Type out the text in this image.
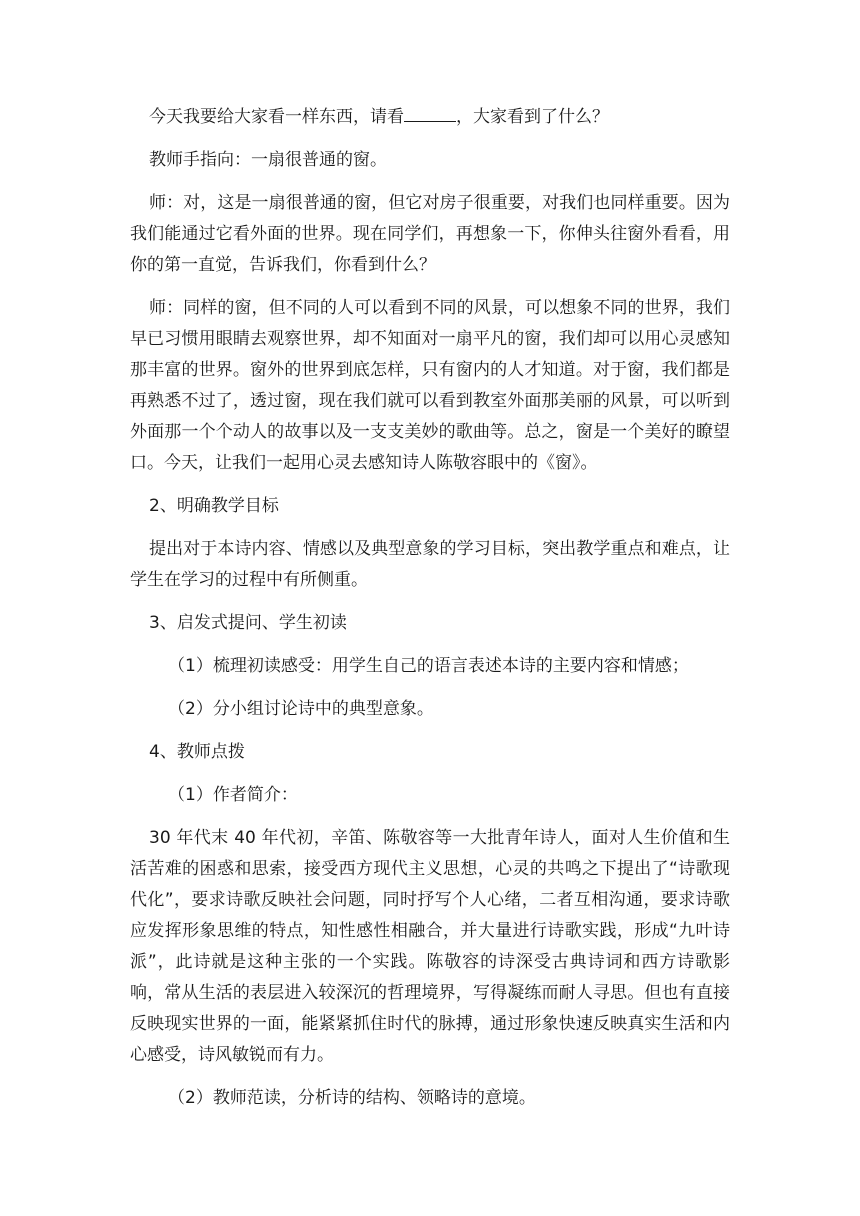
今天我要给大家看一样东西，请看	，大家看到了什么？

教师手指向：一扇很普通的窗。

师：对，这是一扇很普通的窗，但它对房子很重要，对我们也同样重要。因为我们能通过它看外面的世界。现在同学们，再想象一下，你伸头往窗外看看，用你的第一直觉，告诉我们，你看到什么？

师：同样的窗，但不同的人可以看到不同的风景，可以想象不同的世界，我们早已习惯用眼睛去观察世界，却不知面对一扇平凡的窗，我们却可以用心灵感知那丰富的世界。窗外的世界到底怎样，只有窗内的人才知道。对于窗，我们都是再熟悉不过了，透过窗，现在我们就可以看到教室外面那美丽的风景，可以听到外面那一个个动人的故事以及一支支美妙的歌曲等。总之，窗是一个美好的瞭望口。今天，让我们一起用心灵去感知诗人陈敬容眼中的《窗》。

2、明确教学目标

提出对于本诗内容、情感以及典型意象的学习目标，突出教学重点和难点，让学生在学习的过程中有所侧重。

3、启发式提问、学生初读

（1）梳理初读感受：用学生自己的语言表述本诗的主要内容和情感；

（2）分小组讨论诗中的典型意象。

4、教师点拨

（1）作者简介：

30 年代末 40 年代初，辛笛、陈敬容等一大批青年诗人，面对人生价值和生活苦难的困惑和思索，接受西方现代主义思想，心灵的共鸣之下提出了“诗歌现代化”，要求诗歌反映社会问题，同时抒写个人心绪，二者互相沟通，要求诗歌应发挥形象思维的特点，知性感性相融合，并大量进行诗歌实践，形成“九叶诗派”，此诗就是这种主张的一个实践。陈敬容的诗深受古典诗词和西方诗歌影响，常从生活的表层进入较深沉的哲理境界，写得凝练而耐人寻思。但也有直接反映现实世界的一面，能紧紧抓住时代的脉搏，通过形象快速反映真实生活和内心感受，诗风敏锐而有力。

（2）教师范读，分析诗的结构、领略诗的意境。
